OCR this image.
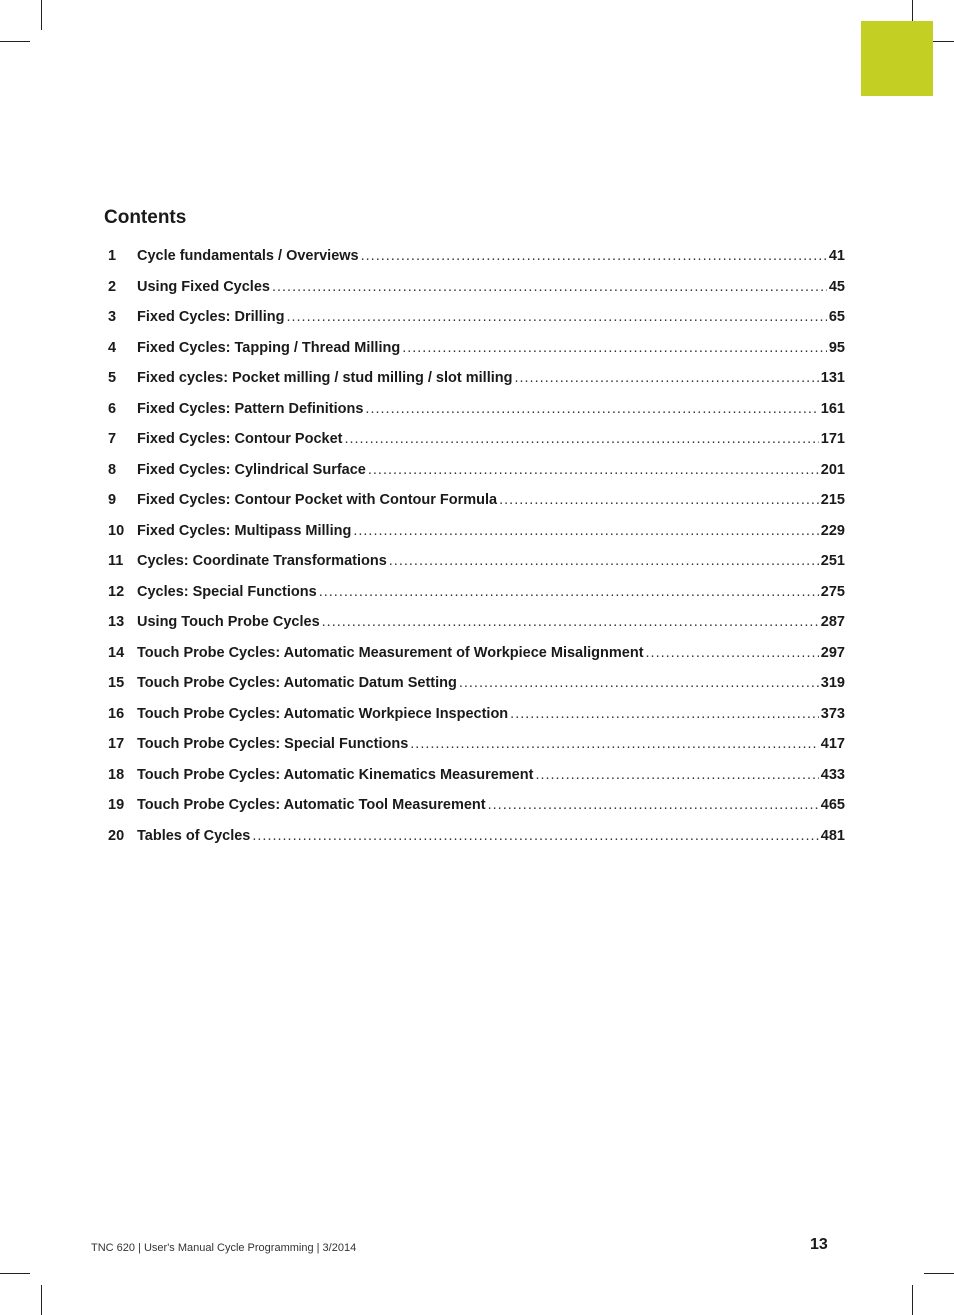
Contents
1	Cycle fundamentals / Overviews .....	41
2	Using Fixed Cycles .....	45
3	Fixed Cycles: Drilling .....	65
4	Fixed Cycles: Tapping / Thread Milling .....	95
5	Fixed cycles: Pocket milling / stud milling / slot milling .....	131
6	Fixed Cycles: Pattern Definitions .....	161
7	Fixed Cycles: Contour Pocket .....	171
8	Fixed Cycles: Cylindrical Surface .....	201
9	Fixed Cycles: Contour Pocket with Contour Formula .....	215
10 Fixed Cycles: Multipass Milling .....	229
11 Cycles: Coordinate Transformations .....	251
12 Cycles: Special Functions .....	275
13 Using Touch Probe Cycles .....	287
14 Touch Probe Cycles: Automatic Measurement of Workpiece Misalignment .....	297
15 Touch Probe Cycles: Automatic Datum Setting .....	319
16 Touch Probe Cycles: Automatic Workpiece Inspection .....	373
17 Touch Probe Cycles: Special Functions .....	417
18 Touch Probe Cycles: Automatic Kinematics Measurement .....	433
19 Touch Probe Cycles: Automatic Tool Measurement .....	465
20 Tables of Cycles .....	481
TNC 620 | User's Manual Cycle Programming | 3/2014	13
